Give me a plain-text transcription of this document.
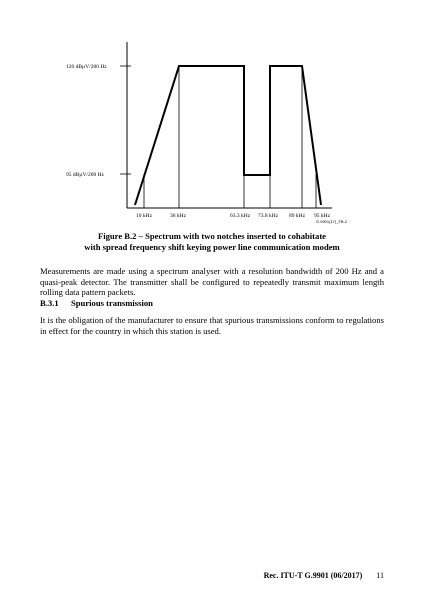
120 dBµV/200 Hz
95 dBµV/200 Hz
10 kHz	36 kHz	63.3 kHz 73.8 kHz 89 kHz 95 kHz
G.9901(17)_FB-2
Figure B.2 – Spectrum with two notches inserted to cohabitate
with spread frequency shift keying power line communication modem
Measurements are made using a spectrum analyser with a resolution bandwidth of 200 Hz and a quasi-peak detector. The transmitter shall be configured to repeatedly transmit maximum length rolling data pattern packets.
B.3.1 Spurious transmission
It is the obligation of the manufacturer to ensure that spurious transmissions conform to regulations in effect for the country in which this station is used.
Rec. ITU-T G.9901 (06/2017) 11
